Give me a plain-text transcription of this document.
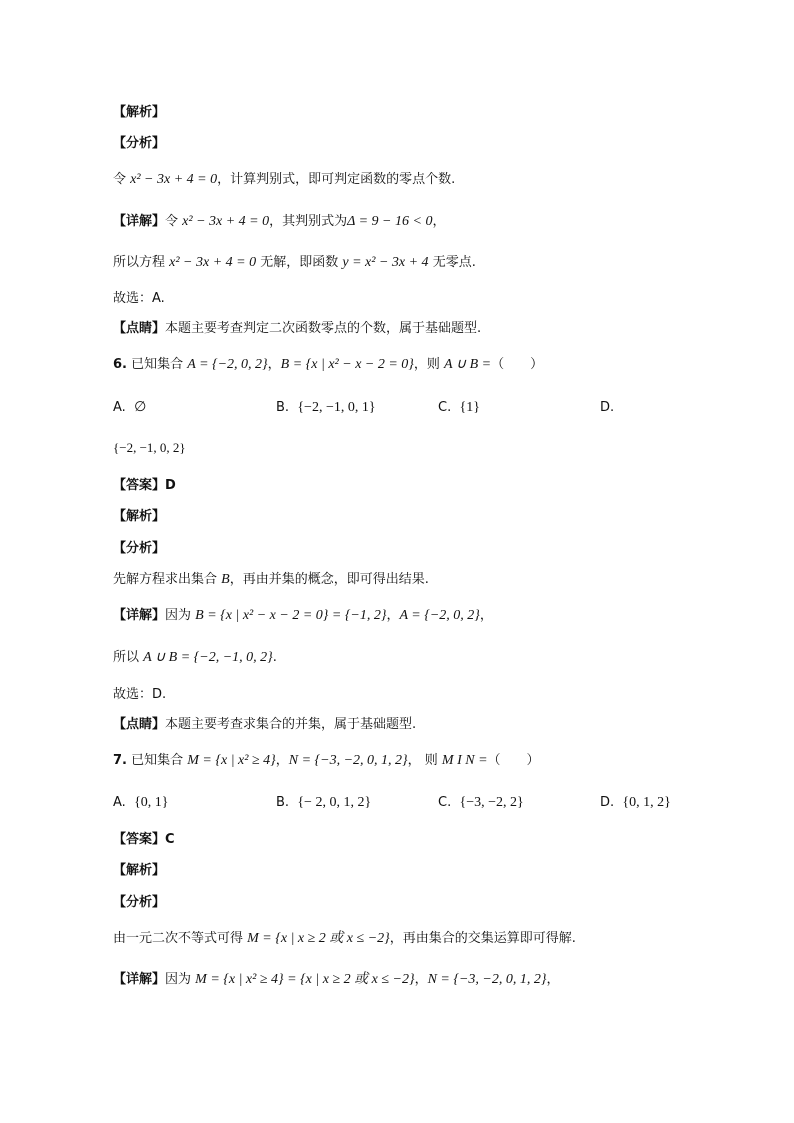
【解析】
【分析】
令 x² − 3x + 4 = 0，计算判别式，即可判定函数的零点个数.
【详解】令 x² − 3x + 4 = 0，其判别式为Δ = 9 − 16 < 0，
所以方程 x² − 3x + 4 = 0 无解，即函数 y = x² − 3x + 4 无零点.
故选：A.
【点睛】本题主要考查判定二次函数零点的个数，属于基础题型.
6. 已知集合 A = {−2, 0, 2}，B = {x | x² − x − 2 = 0}，则 A ∪ B =（　　）
A. ∅	B. {−2, −1, 0, 1}	C. {1}	D.
{−2, −1, 0, 2}
【答案】D
【解析】
【分析】
先解方程求出集合 B，再由并集的概念，即可得出结果.
【详解】因为 B = {x | x² − x − 2 = 0} = {−1, 2}，A = {−2, 0, 2}，
所以 A ∪ B = {−2, −1, 0, 2}.
故选：D.
【点睛】本题主要考查求集合的并集，属于基础题型.
7. 已知集合 M = {x | x² ≥ 4}，N = {−3, −2, 0, 1, 2}， 则 M I N =（　　）
A. {0, 1}	B. {− 2, 0, 1, 2}	C. {−3, −2, 2}	D. {0, 1, 2}
【答案】C
【解析】
【分析】
由一元二次不等式可得 M = {x | x ≥ 2 或 x ≤ −2}，再由集合的交集运算即可得解.
【详解】因为 M = {x | x² ≥ 4} = {x | x ≥ 2 或 x ≤ −2}，N = {−3, −2, 0, 1, 2}，
